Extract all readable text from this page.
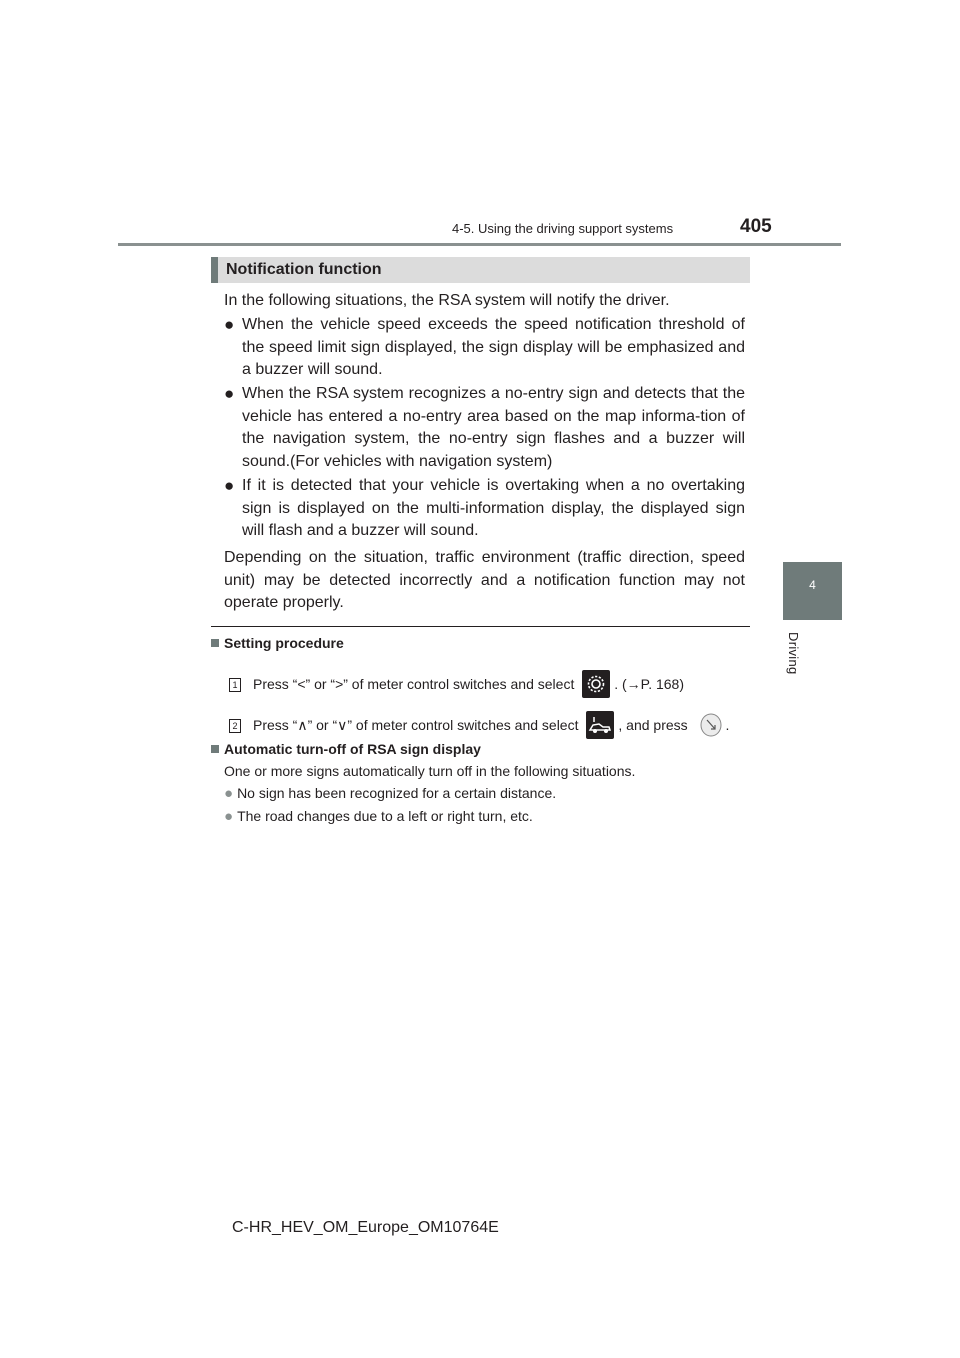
4-5. Using the driving support systems	405
4
Driving
Notification function

In the following situations, the RSA system will notify the driver.

● When the vehicle speed exceeds the speed notification threshold of the speed limit sign displayed, the sign display will be emphasized and a buzzer will sound.
● When the RSA system recognizes a no-entry sign and detects that the vehicle has entered a no-entry area based on the map informa-tion of the navigation system, the no-entry sign flashes and a buzzer will sound.(For vehicles with navigation system)
● If it is detected that your vehicle is overtaking when a no overtaking sign is displayed on the multi-information display, the displayed sign will flash and a buzzer will sound.

Depending on the situation, traffic environment (traffic direction, speed unit) may be detected incorrectly and a notification function may not operate properly.

Setting procedure
1 Press “<” or “>” of meter control switches and select	. (→P. 168)
2 Press “∧” or “∨” of meter control switches and select	, and press	.
Automatic turn-off of RSA sign display
One or more signs automatically turn off in the following situations.
● No sign has been recognized for a certain distance.
● The road changes due to a left or right turn, etc.
C-HR_HEV_OM_Europe_OM10764E
